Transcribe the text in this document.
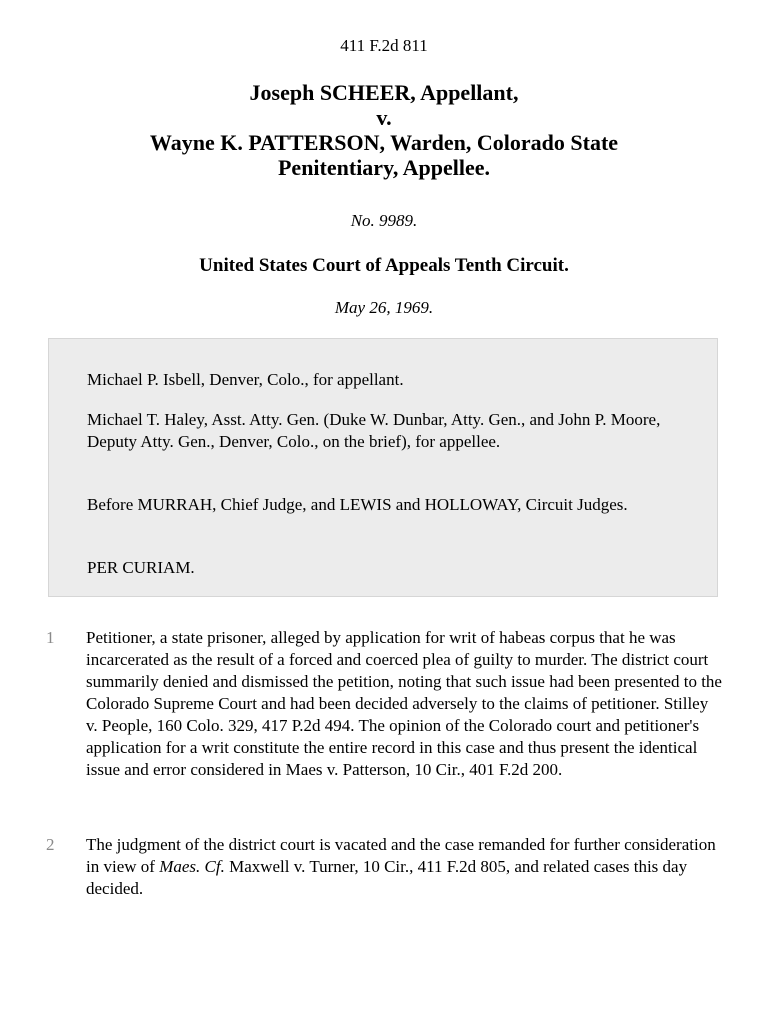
411 F.2d 811
Joseph SCHEER, Appellant,
v.
Wayne K. PATTERSON, Warden, Colorado State
Penitentiary, Appellee.
No. 9989.
United States Court of Appeals Tenth Circuit.
May 26, 1969.

Michael P. Isbell, Denver, Colo., for appellant.

Michael T. Haley, Asst. Atty. Gen. (Duke W. Dunbar, Atty. Gen., and John P. Moore, Deputy Atty. Gen., Denver, Colo., on the brief), for appellee.

Before MURRAH, Chief Judge, and LEWIS and HOLLOWAY, Circuit Judges.

PER CURIAM.

1 Petitioner, a state prisoner, alleged by application for writ of habeas corpus that he was incarcerated as the result of a forced and coerced plea of guilty to murder. The district court summarily denied and dismissed the petition, noting that such issue had been presented to the Colorado Supreme Court and had been decided adversely to the claims of petitioner. Stilley v. People, 160 Colo. 329, 417 P.2d 494. The opinion of the Colorado court and petitioner's application for a writ constitute the entire record in this case and thus present the identical issue and error considered in Maes v. Patterson, 10 Cir., 401 F.2d 200.

2 The judgment of the district court is vacated and the case remanded for further consideration in view of Maes. Cf. Maxwell v. Turner, 10 Cir., 411 F.2d 805, and related cases this day decided.
